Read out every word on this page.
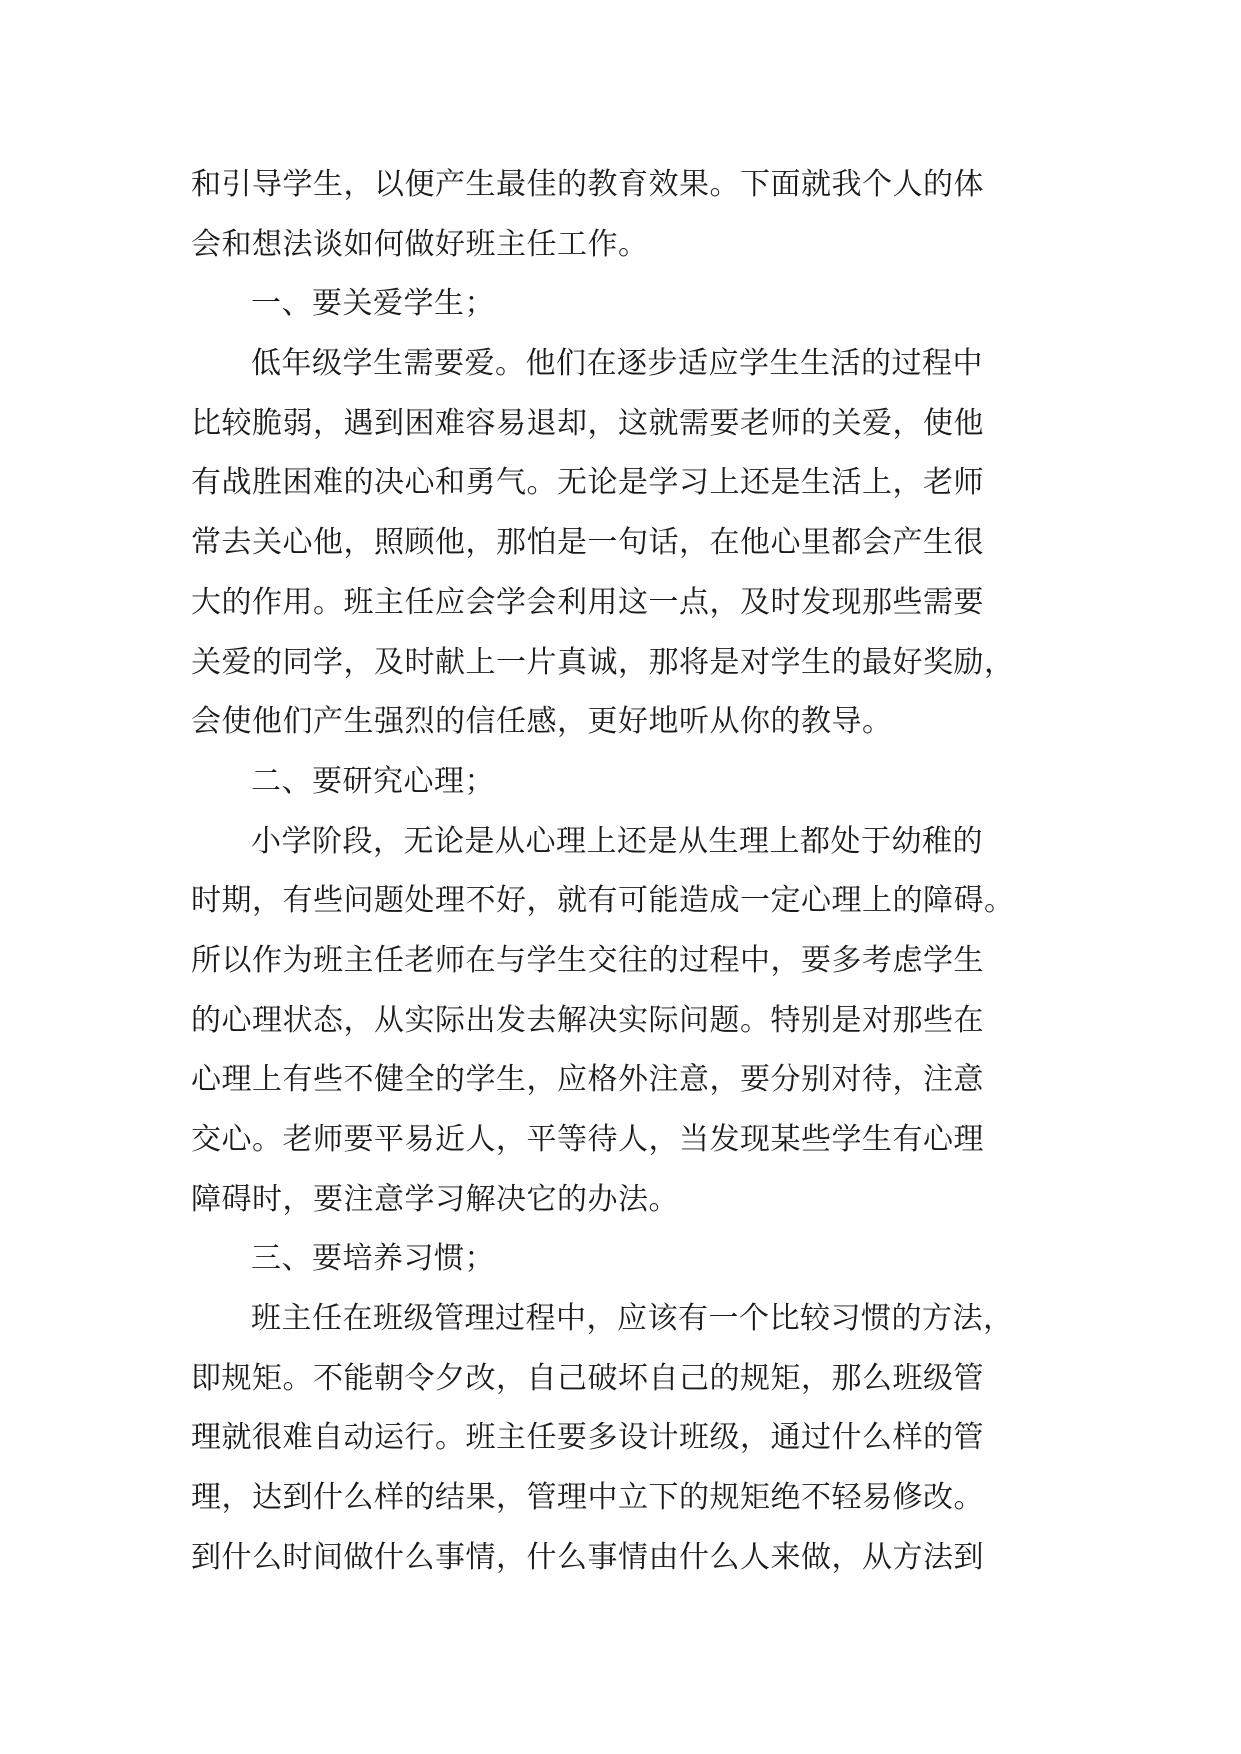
和引导学生，以便产生最佳的教育效果。下面就我个人的体
会和想法谈如何做好班主任工作。
一、要关爱学生；
低年级学生需要爱。他们在逐步适应学生生活的过程中
比较脆弱，遇到困难容易退却，这就需要老师的关爱，使他
有战胜困难的决心和勇气。无论是学习上还是生活上，老师
常去关心他，照顾他，那怕是一句话，在他心里都会产生很
大的作用。班主任应会学会利用这一点，及时发现那些需要
关爱的同学，及时献上一片真诚，那将是对学生的最好奖励，
会使他们产生强烈的信任感，更好地听从你的教导。
二、要研究心理；
小学阶段，无论是从心理上还是从生理上都处于幼稚的
时期，有些问题处理不好，就有可能造成一定心理上的障碍。
所以作为班主任老师在与学生交往的过程中，要多考虑学生
的心理状态，从实际出发去解决实际问题。特别是对那些在
心理上有些不健全的学生，应格外注意，要分别对待，注意
交心。老师要平易近人，平等待人，当发现某些学生有心理
障碍时，要注意学习解决它的办法。
三、要培养习惯；
班主任在班级管理过程中，应该有一个比较习惯的方法，
即规矩。不能朝令夕改，自己破坏自己的规矩，那么班级管
理就很难自动运行。班主任要多设计班级，通过什么样的管
理，达到什么样的结果，管理中立下的规矩绝不轻易修改。
到什么时间做什么事情，什么事情由什么人来做，从方法到
